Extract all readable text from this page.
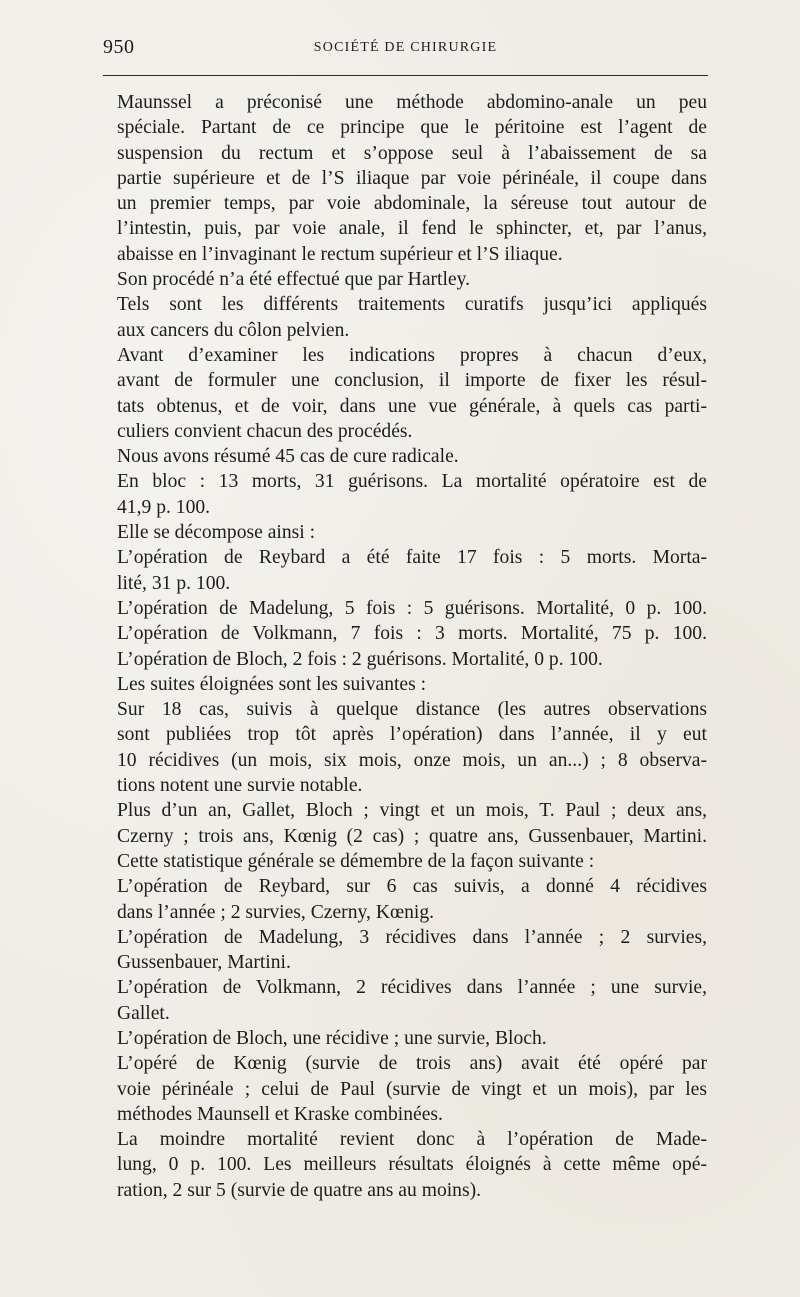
950	SOCIÉTÉ DE CHIRURGIE
Maunssel a préconisé une méthode abdomino-anale un peu
spéciale. Partant de ce principe que le péritoine est l’agent de
suspension du rectum et s’oppose seul à l’abaissement de sa
partie supérieure et de l’S iliaque par voie périnéale, il coupe dans
un premier temps, par voie abdominale, la séreuse tout autour de
l’intestin, puis, par voie anale, il fend le sphincter, et, par l’anus,
abaisse en l’invaginant le rectum supérieur et l’S iliaque.
Son procédé n’a été effectué que par Hartley.
Tels sont les différents traitements curatifs jusqu’ici appliqués
aux cancers du côlon pelvien.
Avant d’examiner les indications propres à chacun d’eux,
avant de formuler une conclusion, il importe de fixer les résul-
tats obtenus, et de voir, dans une vue générale, à quels cas parti-
culiers convient chacun des procédés.
Nous avons résumé 45 cas de cure radicale.
En bloc : 13 morts, 31 guérisons. La mortalité opératoire est de
41,9 p. 100.
Elle se décompose ainsi :
L’opération de Reybard a été faite 17 fois : 5 morts. Morta-
lité, 31 p. 100.
L’opération de Madelung, 5 fois : 5 guérisons. Mortalité, 0 p. 100.
L’opération de Volkmann, 7 fois : 3 morts. Mortalité, 75 p. 100.
L’opération de Bloch, 2 fois : 2 guérisons. Mortalité, 0 p. 100.
Les suites éloignées sont les suivantes :
Sur 18 cas, suivis à quelque distance (les autres observations
sont publiées trop tôt après l’opération) dans l’année, il y eut
10 récidives (un mois, six mois, onze mois, un an...) ; 8 observa-
tions notent une survie notable.
Plus d’un an, Gallet, Bloch ; vingt et un mois, T. Paul ; deux ans,
Czerny ; trois ans, Kœnig (2 cas) ; quatre ans, Gussenbauer, Martini.
Cette statistique générale se démembre de la façon suivante :
L’opération de Reybard, sur 6 cas suivis, a donné 4 récidives
dans l’année ; 2 survies, Czerny, Kœnig.
L’opération de Madelung, 3 récidives dans l’année ; 2 survies,
Gussenbauer, Martini.
L’opération de Volkmann, 2 récidives dans l’année ; une survie,
Gallet.
L’opération de Bloch, une récidive ; une survie, Bloch.
L’opéré de Kœnig (survie de trois ans) avait été opéré par
voie périnéale ; celui de Paul (survie de vingt et un mois), par les
méthodes Maunsell et Kraske combinées.
La moindre mortalité revient donc à l’opération de Made-
lung, 0 p. 100. Les meilleurs résultats éloignés à cette même opé-
ration, 2 sur 5 (survie de quatre ans au moins).
